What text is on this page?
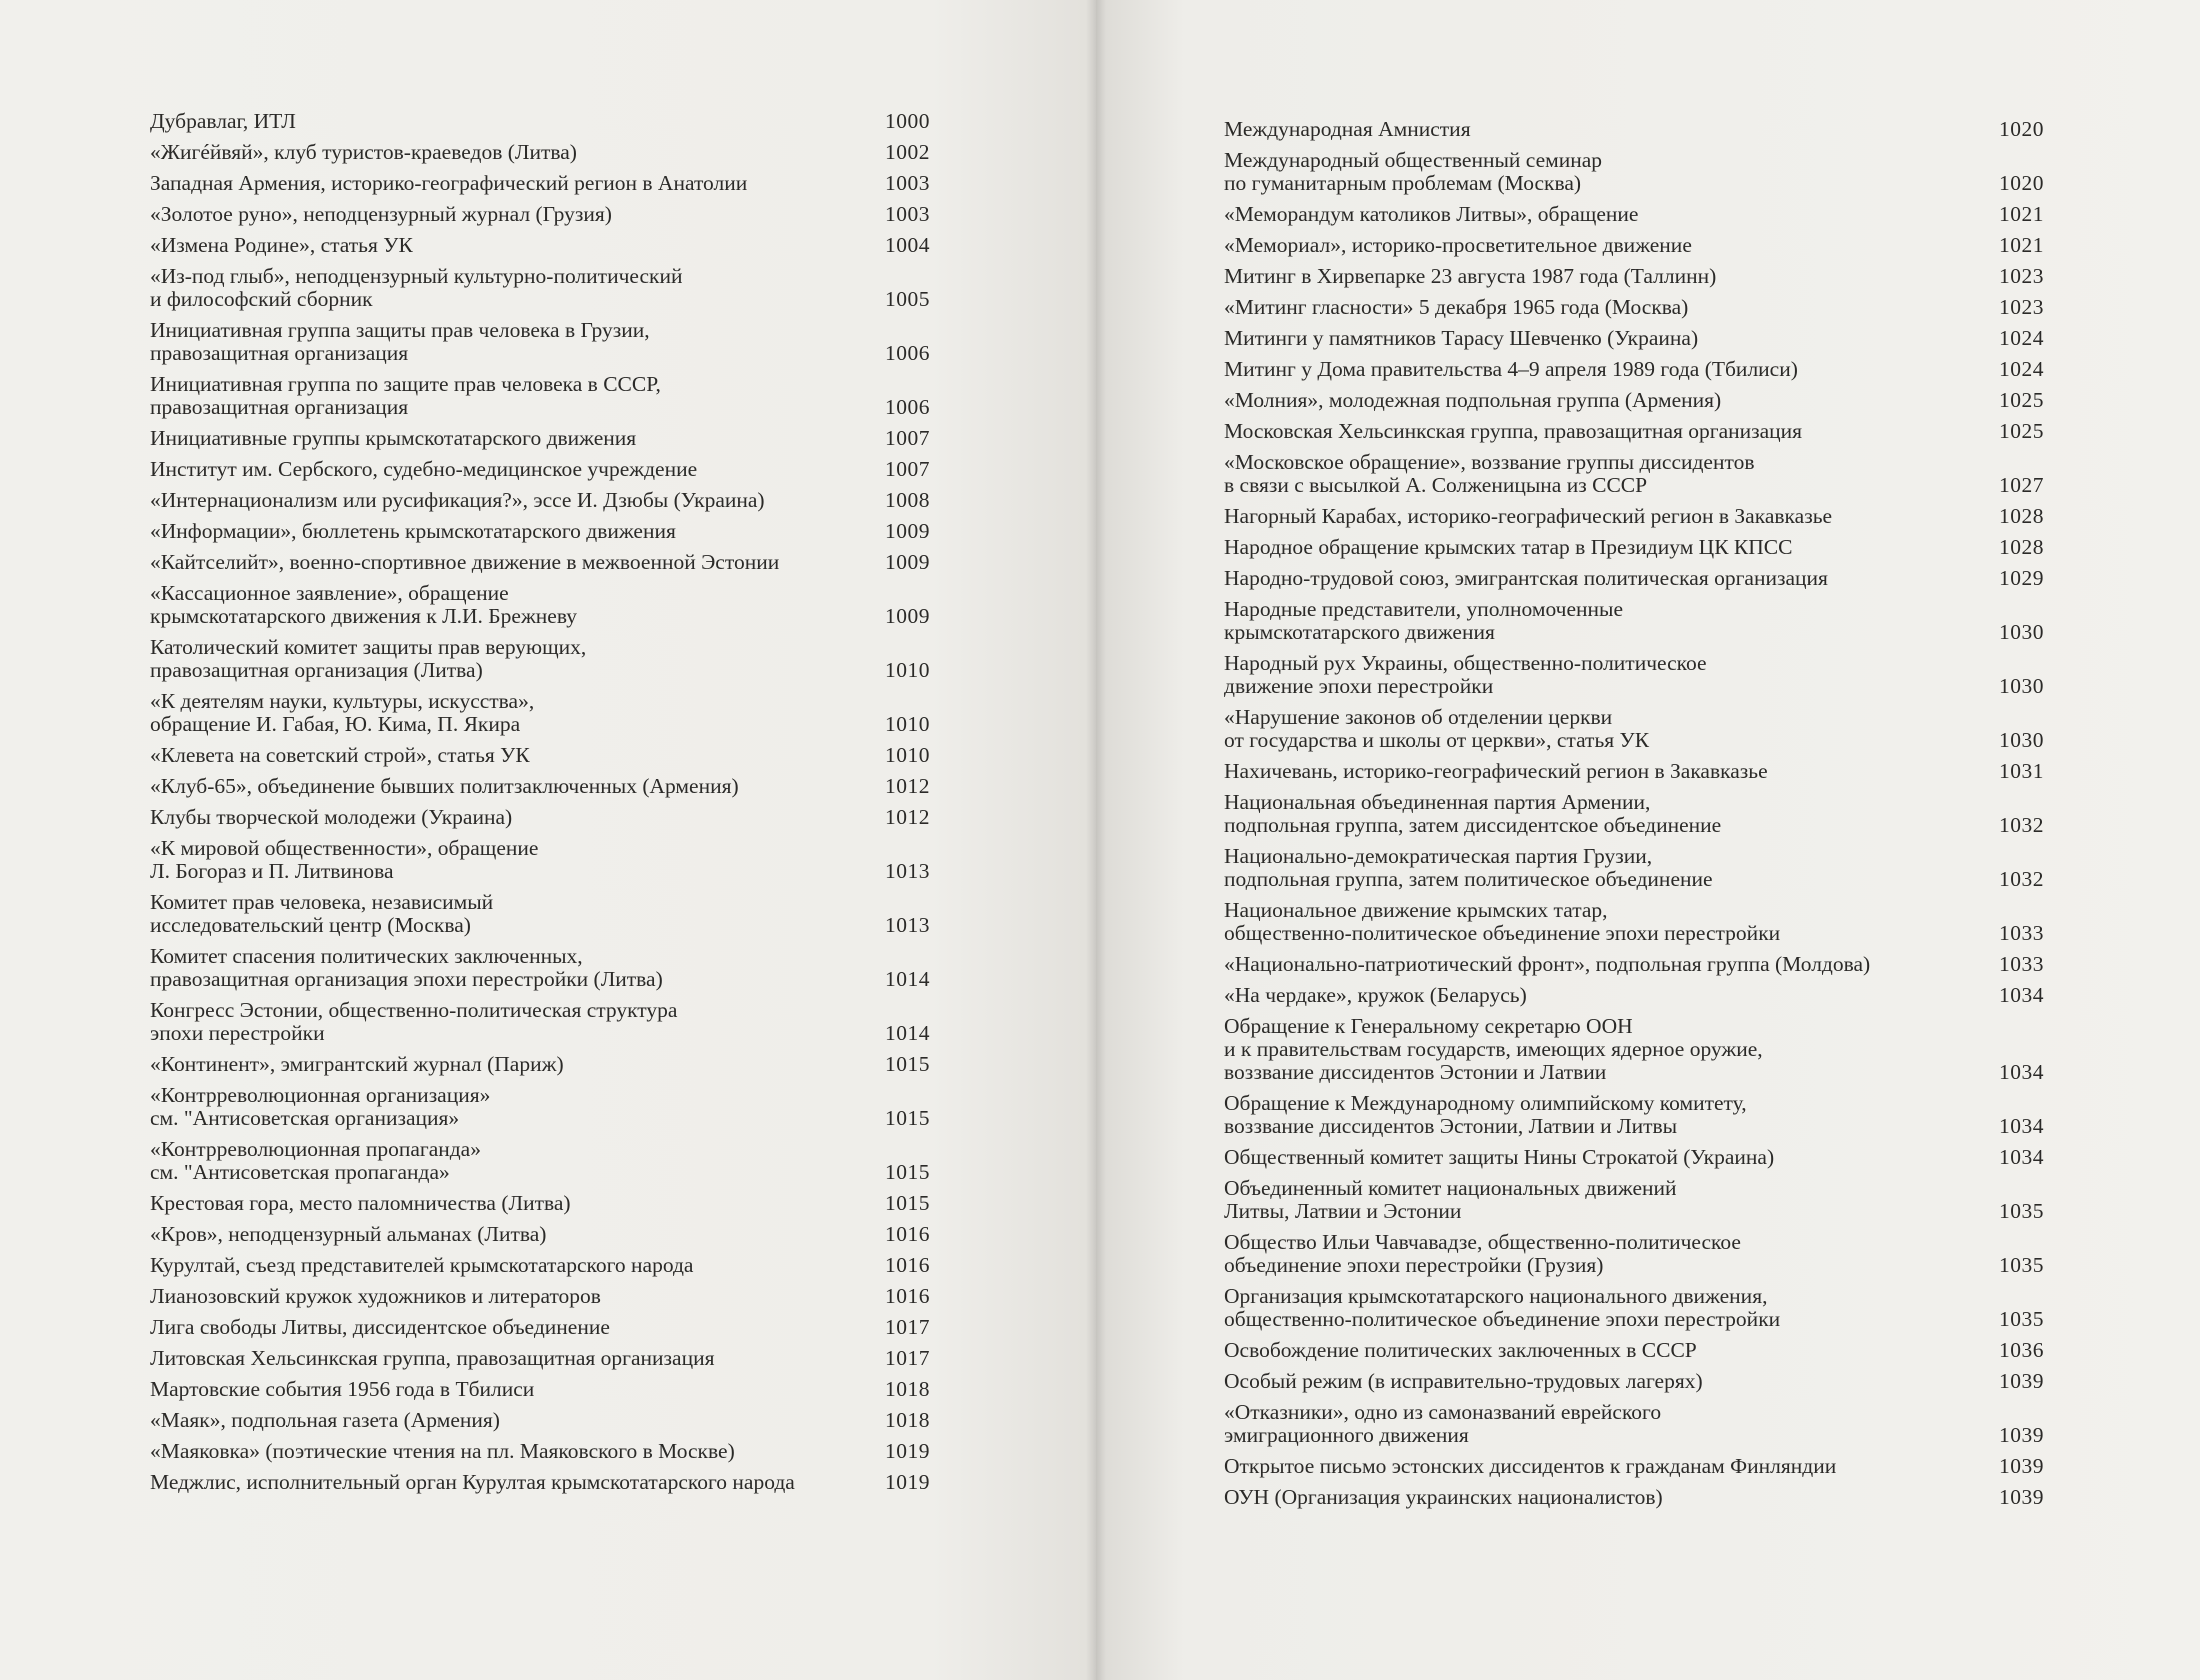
Дубравлаг, ИТЛ	1000
«Жигéйвяй», клуб туристов-краеведов (Литва)	1002
Западная Армения, историко-географический регион в Анатолии	1003
«Золотое руно», неподцензурный журнал (Грузия)	1003
«Измена Родине», статья УК	1004
«Из-под глыб», неподцензурный культурно-политический
и философский сборник	1005
Инициативная группа защиты прав человека в Грузии,
правозащитная организация	1006
Инициативная группа по защите прав человека в СССР,
правозащитная организация	1006
Инициативные группы крымскотатарского движения	1007
Институт им. Сербского, судебно-медицинское учреждение	1007
«Интернационализм или русификация?», эссе И. Дзюбы (Украина)	1008
«Информации», бюллетень крымскотатарского движения	1009
«Кайтселийт», военно-спортивное движение в межвоенной Эстонии	1009
«Кассационное заявление», обращение
крымскотатарского движения к Л.И. Брежневу	1009
Католический комитет защиты прав верующих,
правозащитная организация (Литва)	1010
«К деятелям науки, культуры, искусства»,
обращение И. Габая, Ю. Кима, П. Якира	1010
«Клевета на советский строй», статья УК	1010
«Клуб-65», объединение бывших политзаключенных (Армения)	1012
Клубы творческой молодежи (Украина)	1012
«К мировой общественности», обращение
Л. Богораз и П. Литвинова	1013
Комитет прав человека, независимый
исследовательский центр (Москва)	1013
Комитет спасения политических заключенных,
правозащитная организация эпохи перестройки (Литва)	1014
Конгресс Эстонии, общественно-политическая структура
эпохи перестройки	1014
«Континент», эмигрантский журнал (Париж)	1015
«Контрреволюционная организация»
см. "Антисоветская организация»	1015
«Контрреволюционная пропаганда»
см. "Антисоветская пропаганда»	1015
Крестовая гора, место паломничества (Литва)	1015
«Кров», неподцензурный альманах (Литва)	1016
Курултай, съезд представителей крымскотатарского народа	1016
Лианозовский кружок художников и литераторов	1016
Лига свободы Литвы, диссидентское объединение	1017
Литовская Хельсинкская группа, правозащитная организация	1017
Мартовские события 1956 года в Тбилиси	1018
«Маяк», подпольная газета (Армения)	1018
«Маяковка» (поэтические чтения на пл. Маяковского в Москве)	1019
Меджлис, исполнительный орган Курултая крымскотатарского народа	1019
Международная Амнистия	1020
Международный общественный семинар
по гуманитарным проблемам (Москва)	1020
«Меморандум католиков Литвы», обращение	1021
«Мемориал», историко-просветительное движение	1021
Митинг в Хирвепарке 23 августа 1987 года (Таллинн)	1023
«Митинг гласности» 5 декабря 1965 года (Москва)	1023
Митинги у памятников Тарасу Шевченко (Украина)	1024
Митинг у Дома правительства 4–9 апреля 1989 года (Тбилиси)	1024
«Молния», молодежная подпольная группа (Армения)	1025
Московская Хельсинкская группа, правозащитная организация	1025
«Московское обращение», воззвание группы диссидентов
в связи с высылкой А. Солженицына из СССР	1027
Нагорный Карабах, историко-географический регион в Закавказье	1028
Народное обращение крымских татар в Президиум ЦК КПСС	1028
Народно-трудовой союз, эмигрантская политическая организация	1029
Народные представители, уполномоченные
крымскотатарского движения	1030
Народный рух Украины, общественно-политическое
движение эпохи перестройки	1030
«Нарушение законов об отделении церкви
от государства и школы от церкви», статья УК	1030
Нахичевань, историко-географический регион в Закавказье	1031
Национальная объединенная партия Армении,
подпольная группа, затем диссидентское объединение	1032
Национально-демократическая партия Грузии,
подпольная группа, затем политическое объединение	1032
Национальное движение крымских татар,
общественно-политическое объединение эпохи перестройки	1033
«Национально-патриотический фронт», подпольная группа (Молдова)	1033
«На чердаке», кружок (Беларусь)	1034
Обращение к Генеральному секретарю ООН
и к правительствам государств, имеющих ядерное оружие,
воззвание диссидентов Эстонии и Латвии	1034
Обращение к Международному олимпийскому комитету,
воззвание диссидентов Эстонии, Латвии и Литвы	1034
Общественный комитет защиты Нины Строкатой (Украина)	1034
Объединенный комитет национальных движений
Литвы, Латвии и Эстонии	1035
Общество Ильи Чавчавадзе, общественно-политическое
объединение эпохи перестройки (Грузия)	1035
Организация крымскотатарского национального движения,
общественно-политическое объединение эпохи перестройки	1035
Освобождение политических заключенных в СССР	1036
Особый режим (в исправительно-трудовых лагерях)	1039
«Отказники», одно из самоназваний еврейского
эмиграционного движения	1039
Открытое письмо эстонских диссидентов к гражданам Финляндии	1039
ОУН (Организация украинских националистов)	1039
